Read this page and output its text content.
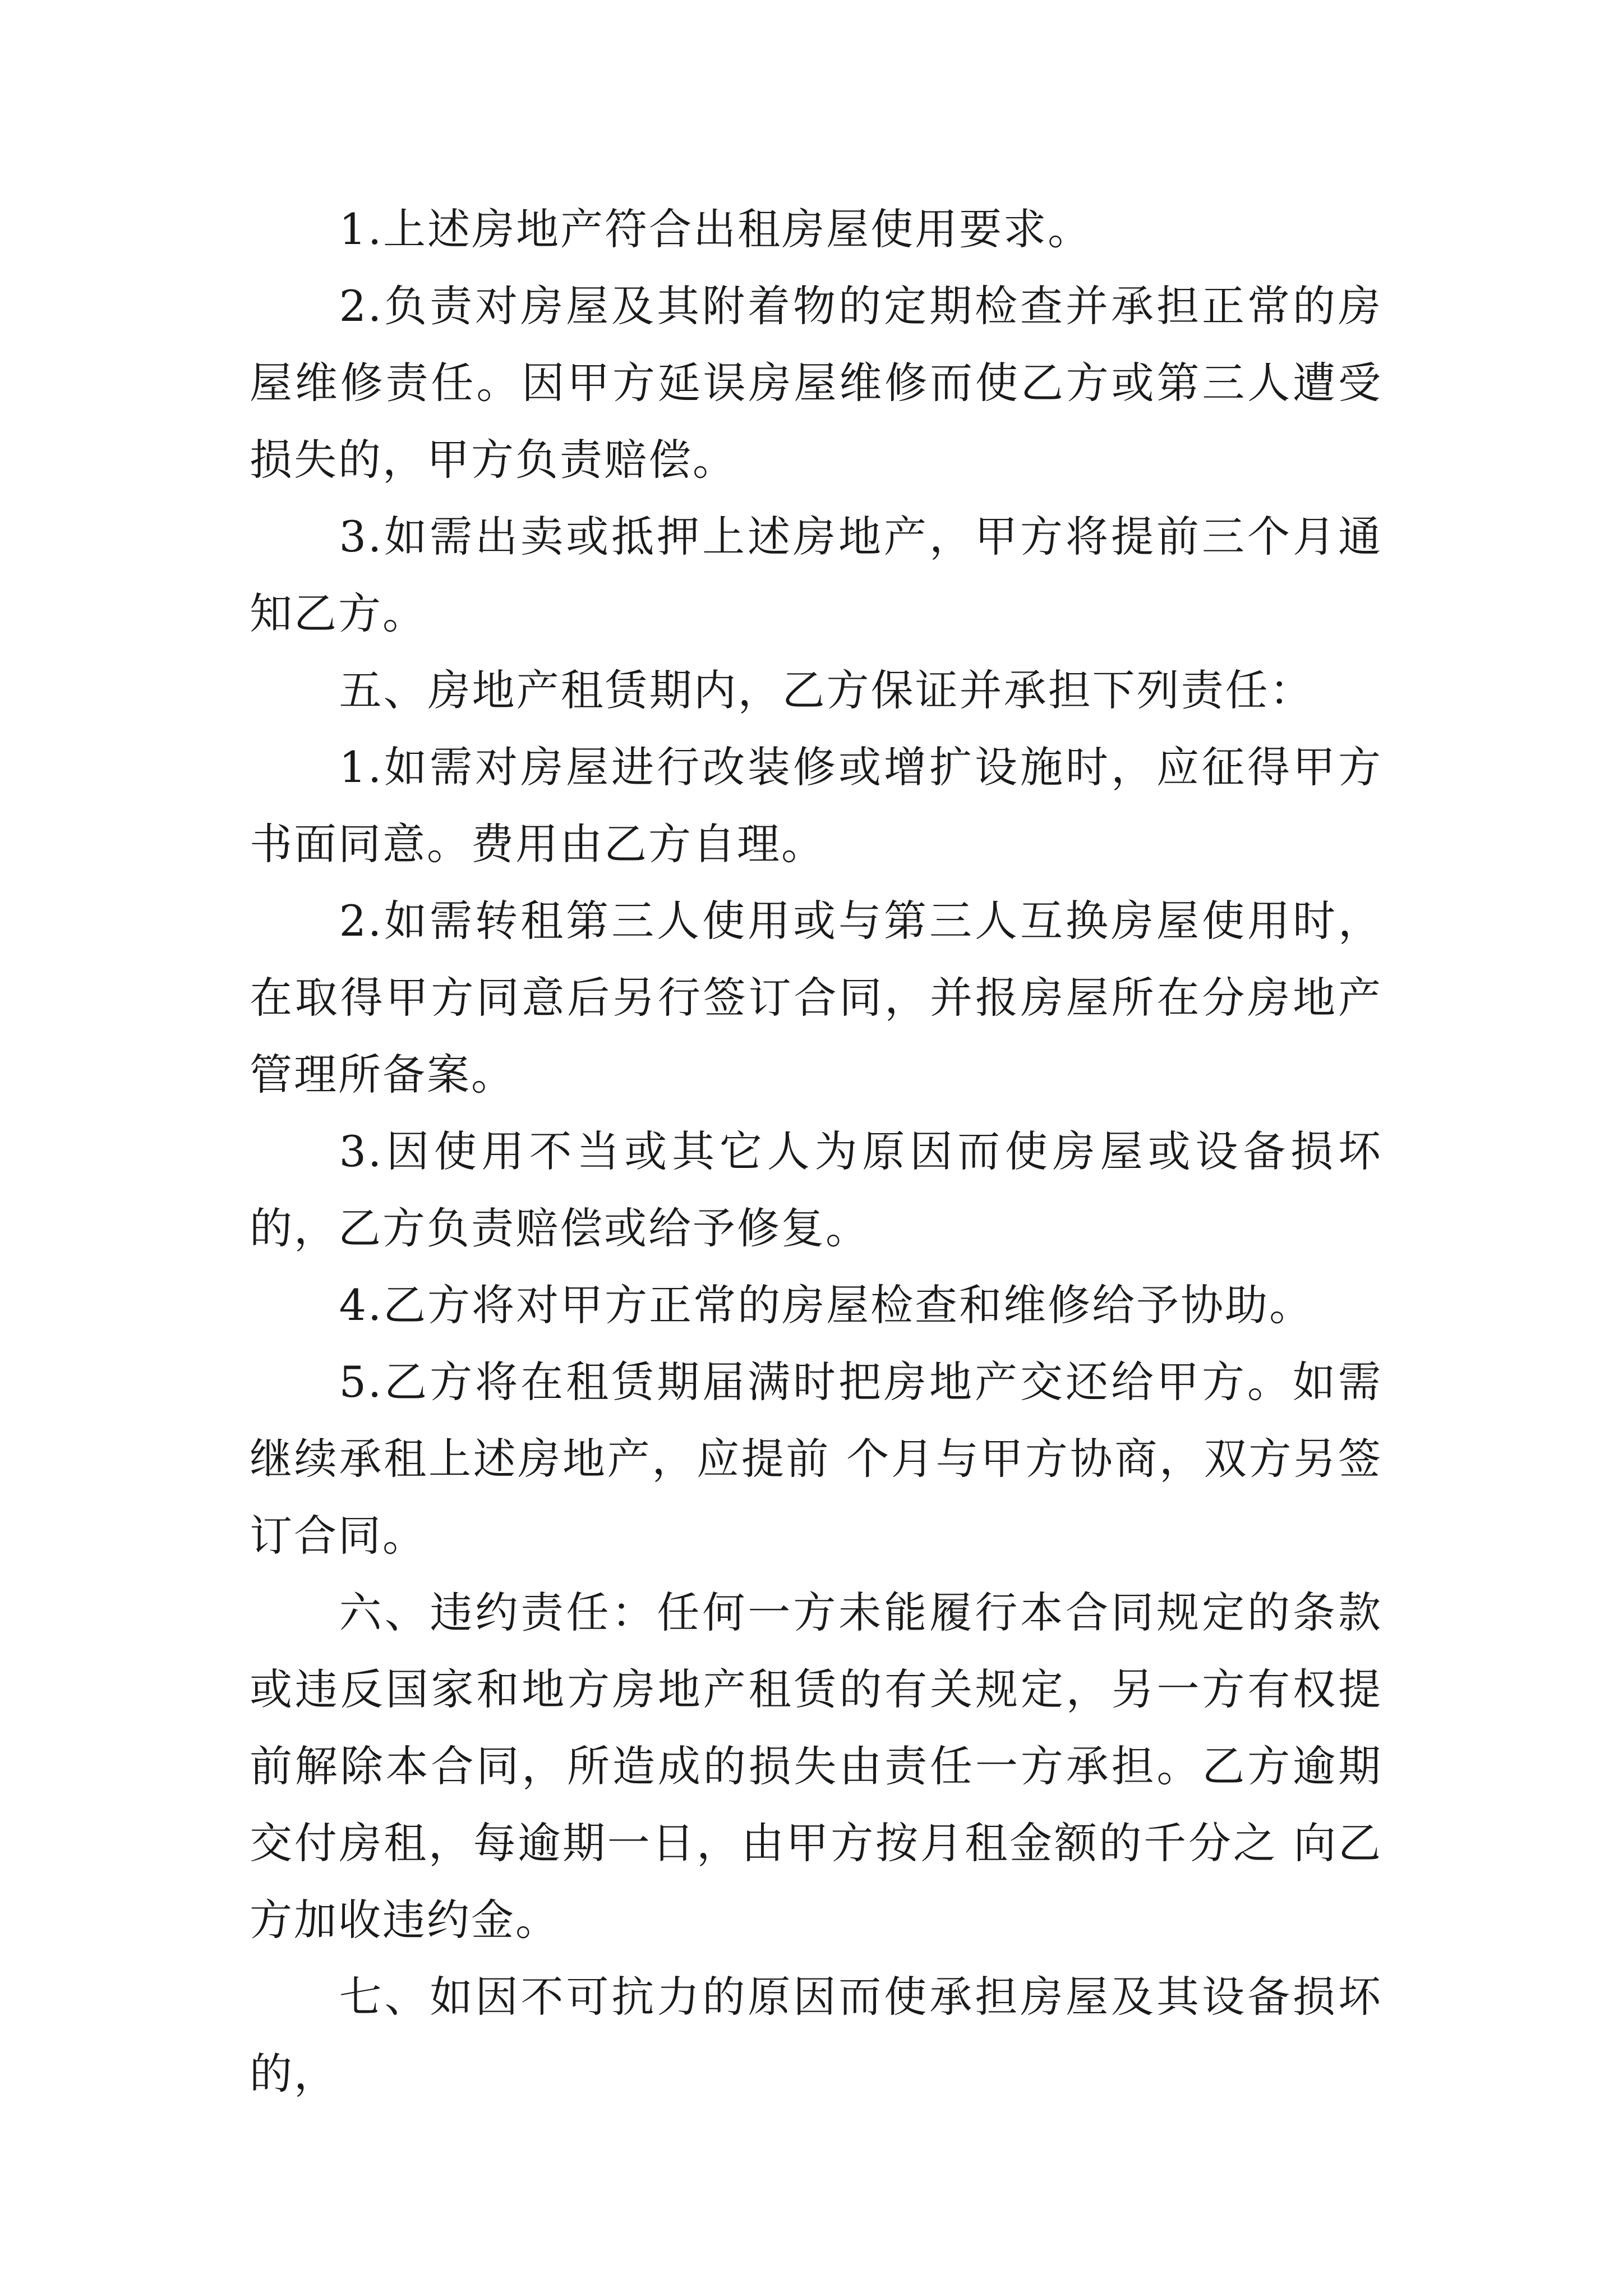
1.上述房地产符合出租房屋使用要求。

2.负责对房屋及其附着物的定期检查并承担正常的房屋维修责任。因甲方延误房屋维修而使乙方或第三人遭受损失的，甲方负责赔偿。

3.如需出卖或抵押上述房地产，甲方将提前三个月通知乙方。

五、房地产租赁期内，乙方保证并承担下列责任：

1.如需对房屋进行改装修或增扩设施时，应征得甲方书面同意。费用由乙方自理。

2.如需转租第三人使用或与第三人互换房屋使用时，在取得甲方同意后另行签订合同，并报房屋所在分房地产管理所备案。

3.因使用不当或其它人为原因而使房屋或设备损坏的，乙方负责赔偿或给予修复。

4.乙方将对甲方正常的房屋检查和维修给予协助。

5.乙方将在租赁期届满时把房地产交还给甲方。如需继续承租上述房地产，应提前 个月与甲方协商，双方另签订合同。

六、违约责任：任何一方未能履行本合同规定的条款或违反国家和地方房地产租赁的有关规定，另一方有权提前解除本合同，所造成的损失由责任一方承担。乙方逾期交付房租，每逾期一日，由甲方按月租金额的千分之 向乙方加收违约金。

七、如因不可抗力的原因而使承担房屋及其设备损坏的，
